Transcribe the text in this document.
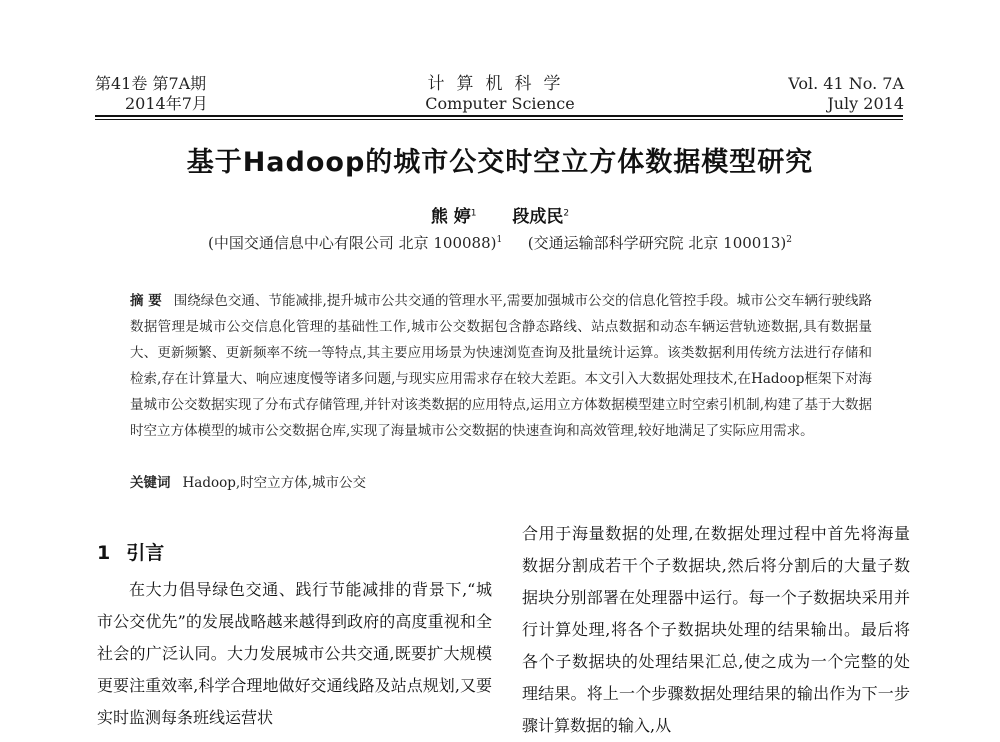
第41卷 第7A期
2014年7月
计算机科学
Computer Science
Vol. 41 No. 7A
July 2014
基于Hadoop的城市公交时空立方体数据模型研究
熊 婷$^1$ 段成民$^2$
(中国交通信息中心有限公司 北京 100088)$^1$ (交通运输部科学研究院 北京 100013)$^2$
摘 要 围绕绿色交通、节能减排,提升城市公共交通的管理水平,需要加强城市公交的信息化管控手段。城市公交车辆行驶线路数据管理是城市公交信息化管理的基础性工作,城市公交数据包含静态路线、站点数据和动态车辆运营轨迹数据,具有数据量大、更新频繁、更新频率不统一等特点,其主要应用场景为快速浏览查询及批量统计运算。该类数据利用传统方法进行存储和检索,存在计算量大、响应速度慢等诸多问题,与现实应用需求存在较大差距。本文引入大数据处理技术,在Hadoop框架下对海量城市公交数据实现了分布式存储管理,并针对该类数据的应用特点,运用立方体数据模型建立时空索引机制,构建了基于大数据时空立方体模型的城市公交数据仓库,实现了海量城市公交数据的快速查询和高效管理,较好地满足了实际应用需求。
关键词 Hadoop,时空立方体,城市公交
1 引言

在大力倡导绿色交通、践行节能减排的背景下,“城市公交优先”的发展战略越来越得到政府的高度重视和全社会的广泛认同。大力发展城市公共交通,既要扩大规模更要注重效率,科学合理地做好交通线路及站点规划,又要实时监测每条班线运营状

合用于海量数据的处理,在数据处理过程中首先将海量数据分割成若干个子数据块,然后将分割后的大量子数据块分别部署在处理器中运行。每一个子数据块采用并行计算处理,将各个子数据块处理的结果输出。最后将各个子数据块的处理结果汇总,使之成为一个完整的处理结果。将上一个步骤数据处理结果的输出作为下一步骤计算数据的输入,从
